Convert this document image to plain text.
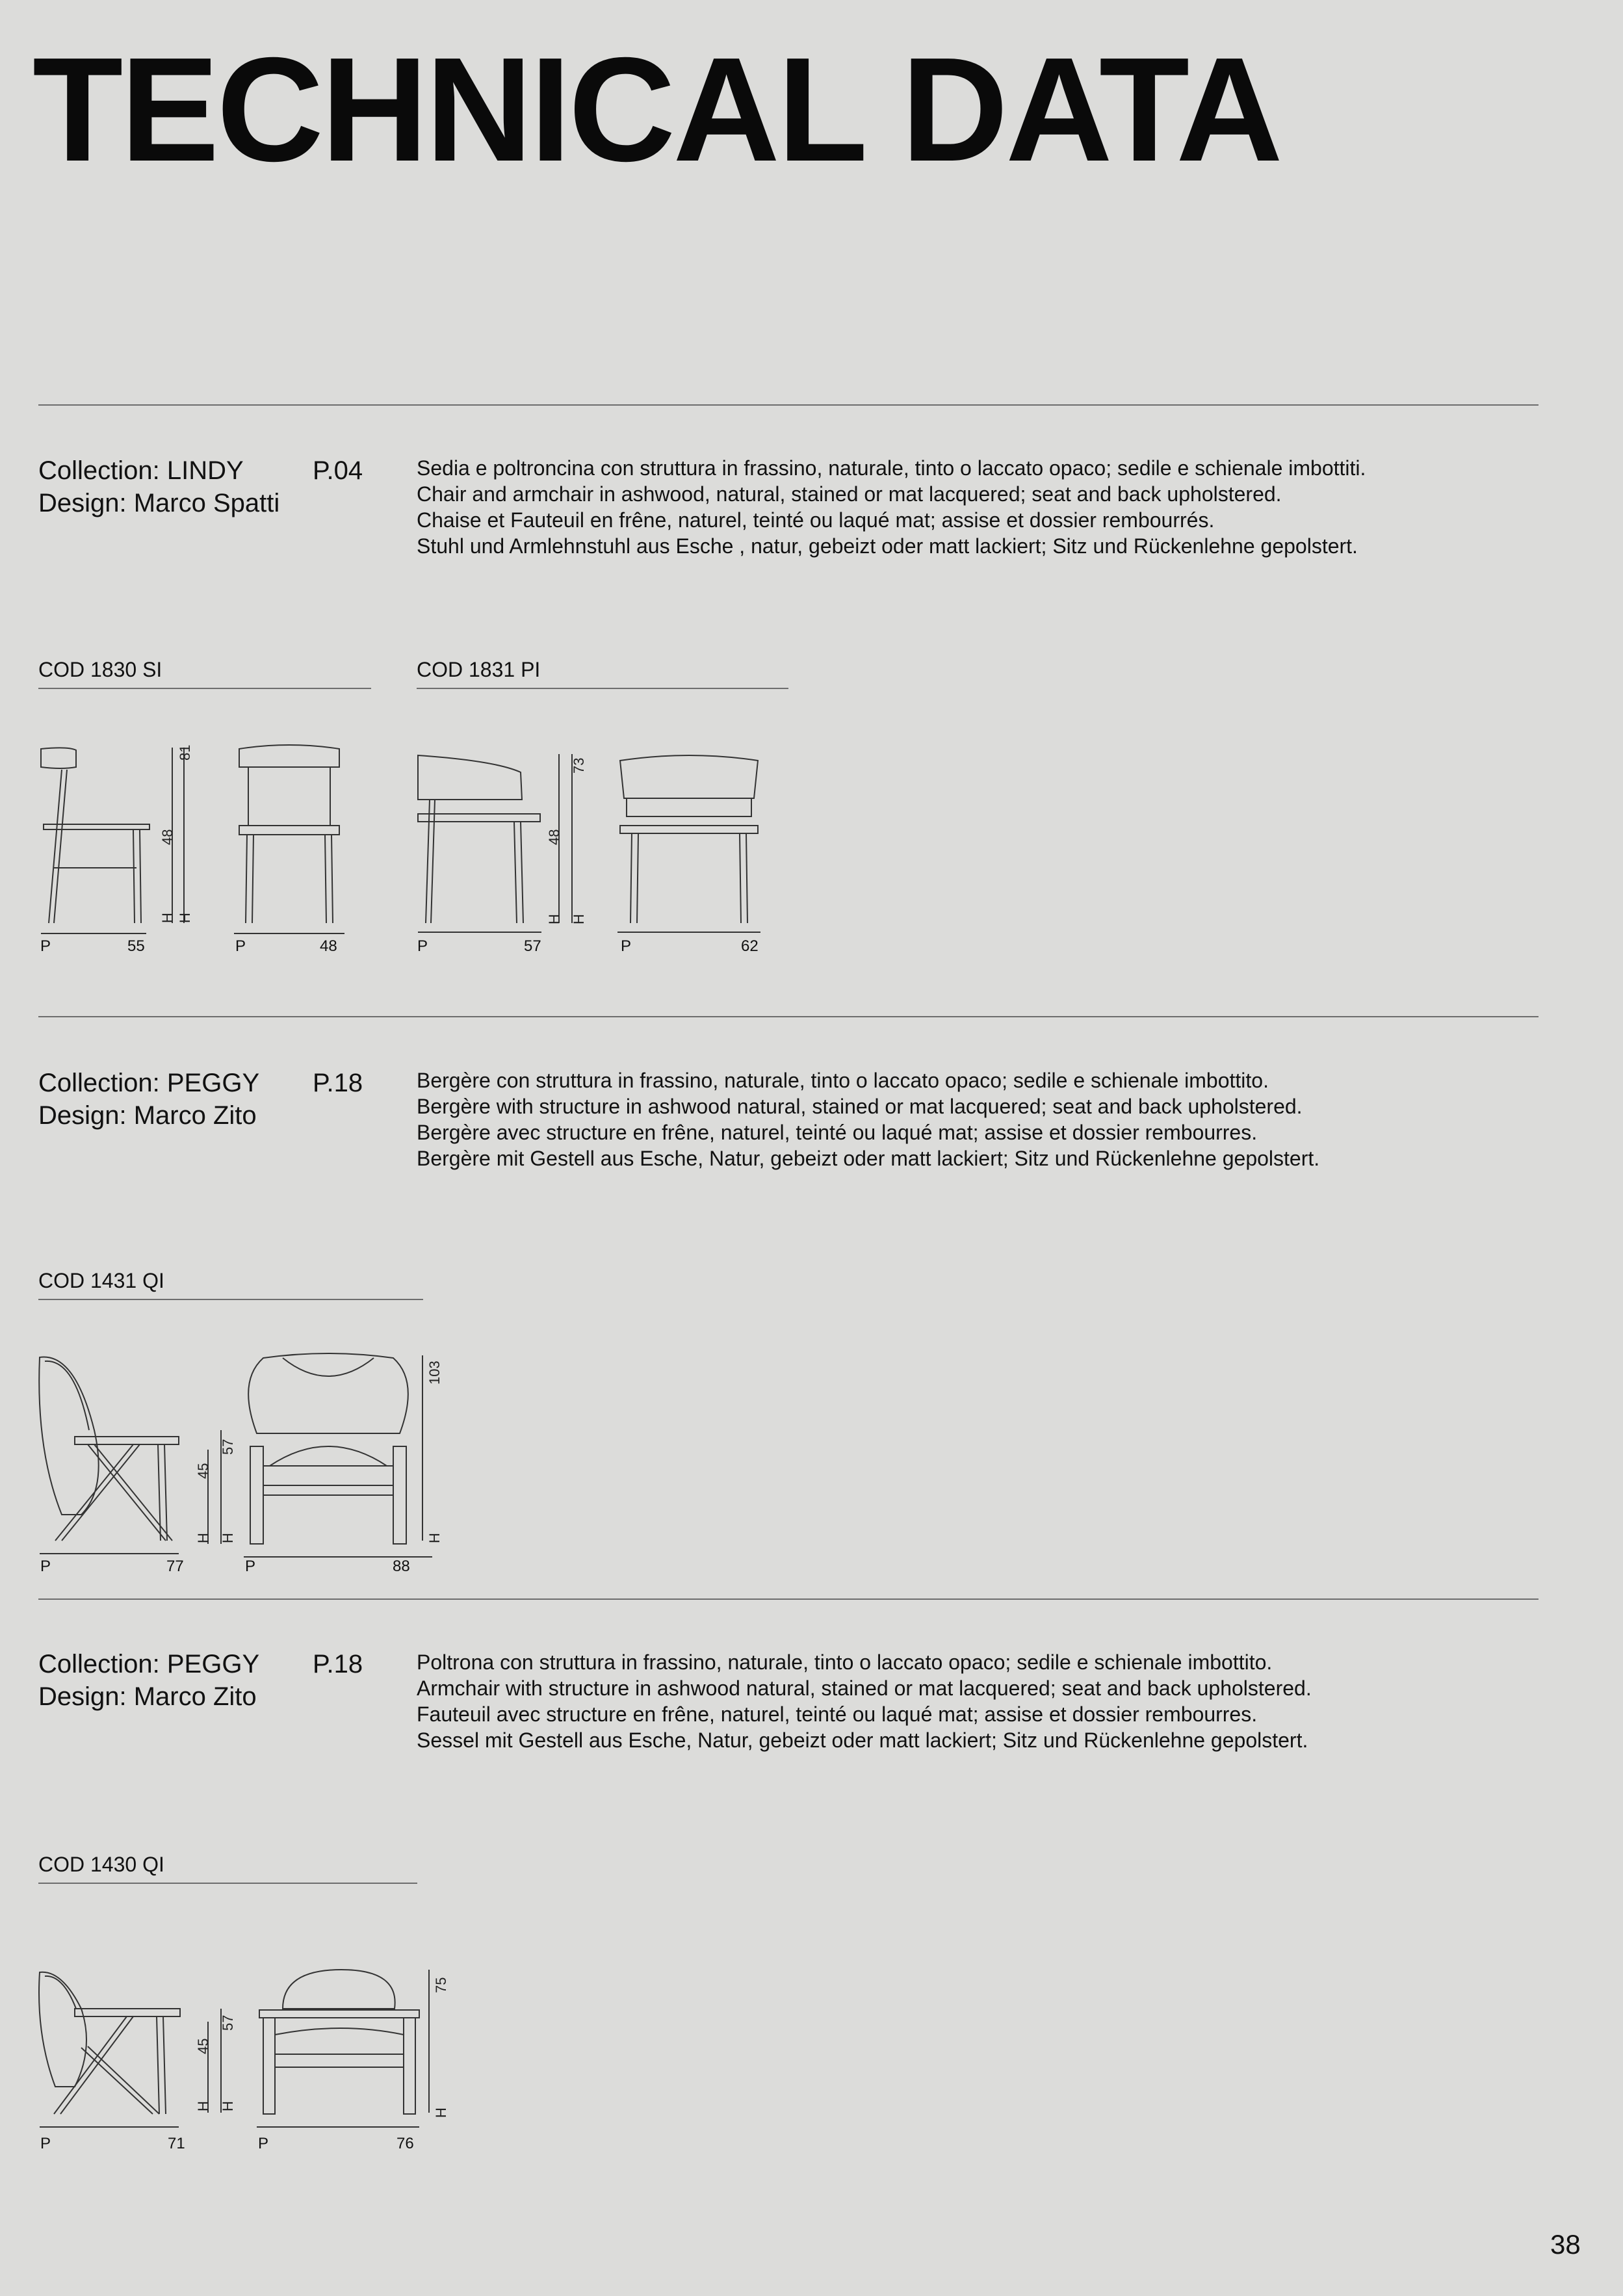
TECHNICAL DATA
Collection: LINDY	P.04
Design: Marco Spatti
Sedia e poltroncina con struttura in frassino, naturale, tinto o laccato opaco; sedile e schienale imbottiti.
Chair and armchair in ashwood, natural, stained or mat lacquered; seat and back upholstered.
Chaise et Fauteuil en frêne, naturel, teinté ou laqué mat; assise et dossier rembourrés.
Stuhl und Armlehnstuhl aus Esche , natur, gebeizt oder matt lackiert; Sitz und Rückenlehne gepolstert.
COD 1830 SI	COD 1831 PI
48
81
H H
P	55	P	48
48
73
H H
P	57	P	62
Collection: PEGGY	P.18
Design: Marco Zito
Bergère con struttura in frassino, naturale, tinto o laccato opaco; sedile e schienale imbottito.
Bergère with structure in ashwood natural, stained or mat lacquered; seat and back upholstered.
Bergère avec structure en frêne, naturel, teinté ou laqué mat; assise et dossier rembourres.
Bergère mit Gestell aus Esche, Natur, gebeizt oder matt lackiert; Sitz und Rückenlehne gepolstert.
COD 1431 QI
45
57
H H
P	77
103
H
P	88
Collection: PEGGY	P.18
Design: Marco Zito
Poltrona con struttura in frassino, naturale, tinto o laccato opaco; sedile e schienale imbottito.
Armchair with structure in ashwood natural, stained or mat lacquered; seat and back upholstered.
Fauteuil avec structure en frêne, naturel, teinté ou laqué mat; assise et dossier rembourres.
Sessel mit Gestell aus Esche, Natur, gebeizt oder matt lackiert; Sitz und Rückenlehne gepolstert.
COD 1430 QI
45
57
H H
P	71
75
H
P	76
38
